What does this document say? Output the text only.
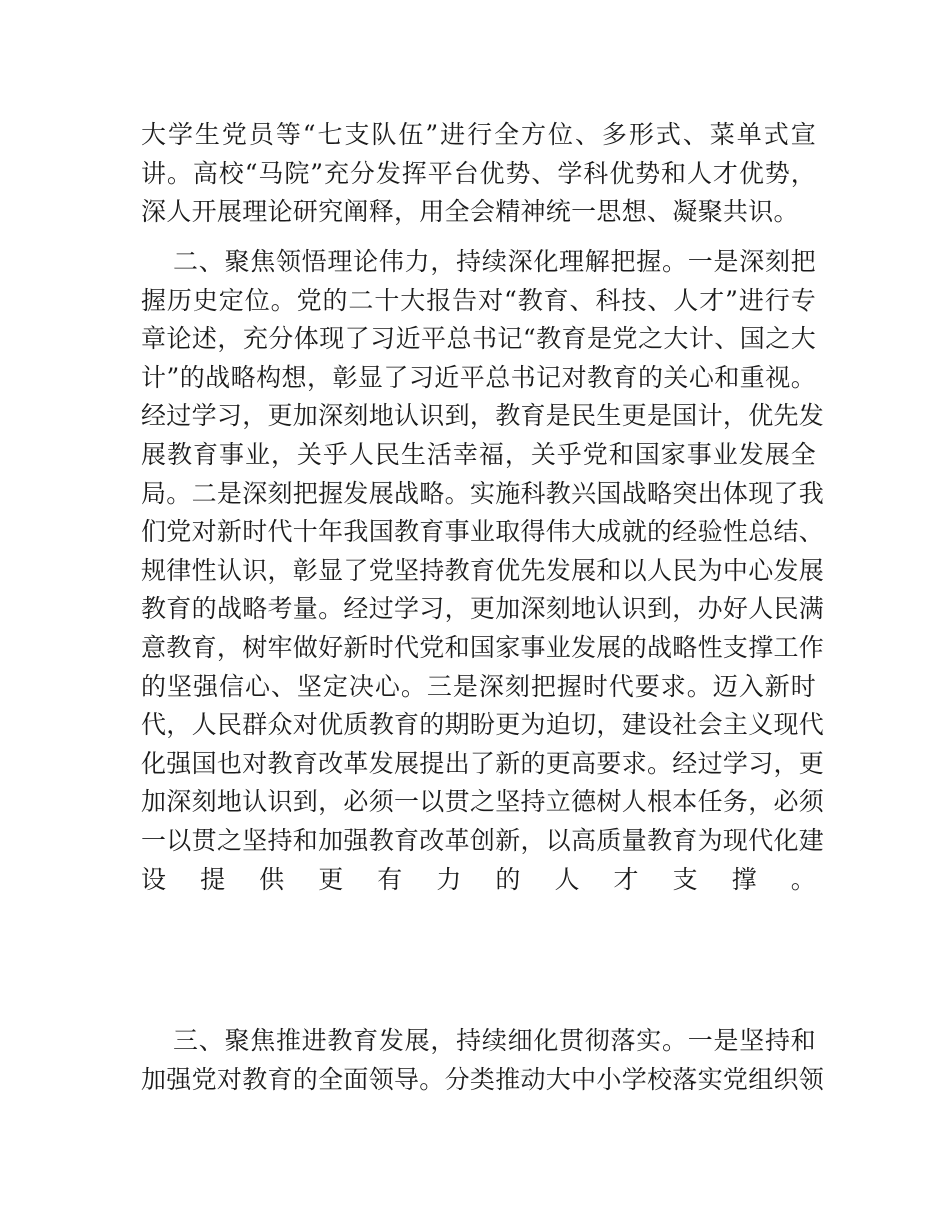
大学生党员等“七支队伍”进行全方位、多形式、菜单式宣
讲。高校“马院”充分发挥平台优势、学科优势和人才优势，
深人开展理论研究阐释，用全会精神统一思想、凝聚共识。
二、聚焦领悟理论伟力，持续深化理解把握。一是深刻把
握历史定位。党的二十大报告对“教育、科技、人才”进行专
章论述，充分体现了习近平总书记“教育是党之大计、国之大
计”的战略构想，彰显了习近平总书记对教育的关心和重视。
经过学习，更加深刻地认识到，教育是民生更是国计，优先发
展教育事业，关乎人民生活幸福，关乎党和国家事业发展全
局。二是深刻把握发展战略。实施科教兴国战略突出体现了我
们党对新时代十年我国教育事业取得伟大成就的经验性总结、
规律性认识，彰显了党坚持教育优先发展和以人民为中心发展
教育的战略考量。经过学习，更加深刻地认识到，办好人民满
意教育，树牢做好新时代党和国家事业发展的战略性支撑工作
的坚强信心、坚定决心。三是深刻把握时代要求。迈入新时
代，人民群众对优质教育的期盼更为迫切，建设社会主义现代
化强国也对教育改革发展提出了新的更高要求。经过学习，更
加深刻地认识到，必须一以贯之坚持立德树人根本任务，必须
一以贯之坚持和加强教育改革创新，以高质量教育为现代化建
设提供更有力的人才支撑。
三、聚焦推进教育发展，持续细化贯彻落实。一是坚持和
加强党对教育的全面领导。分类推动大中小学校落实党组织领
